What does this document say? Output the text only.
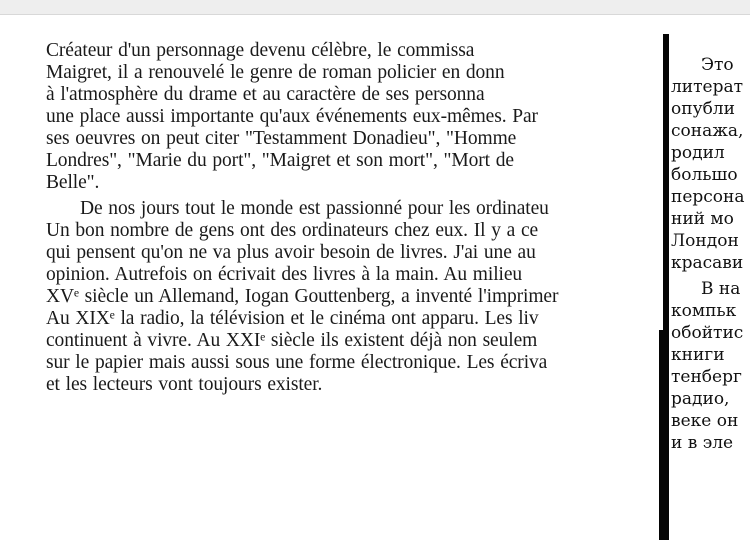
Créateur d'un personnage devenu célèbre, le commissa
Maigret, il a renouvelé le genre de roman policier en donn
à l'atmosphère du drame et au caractère de ses personna
une place aussi importante qu'aux événements eux-mêmes. Par
ses oeuvres on peut citer "Testamment Donadieu", "Homme
Londres", "Marie du port", "Maigret et son mort", "Mort de
Belle".
De nos jours tout le monde est passionné pour les ordinateu
Un bon nombre de gens ont des ordinateurs chez eux. Il y a ce
qui pensent qu'on ne va plus avoir besoin de livres. J'ai une au
opinion. Autrefois on écrivait des livres à la main. Au milieu
XVᵉ siècle un Allemand, Iogan Gouttenberg, a inventé l'imprimer
Au XIXᵉ la radio, la télévision et le cinéma ont apparu. Les liv
continuent à vivre. Au XXIᵉ siècle ils existent déjà non seulem
sur le papier mais aussi sous une forme électronique. Les écriva
et les lecteurs vont toujours exister.
Это
литерат
опубли
сонажа,
родил
большо
персона
ний мо
Лондон
красави
В на
компьк
обойтис
книги
тенберг
радио,
веке он
и в эле
